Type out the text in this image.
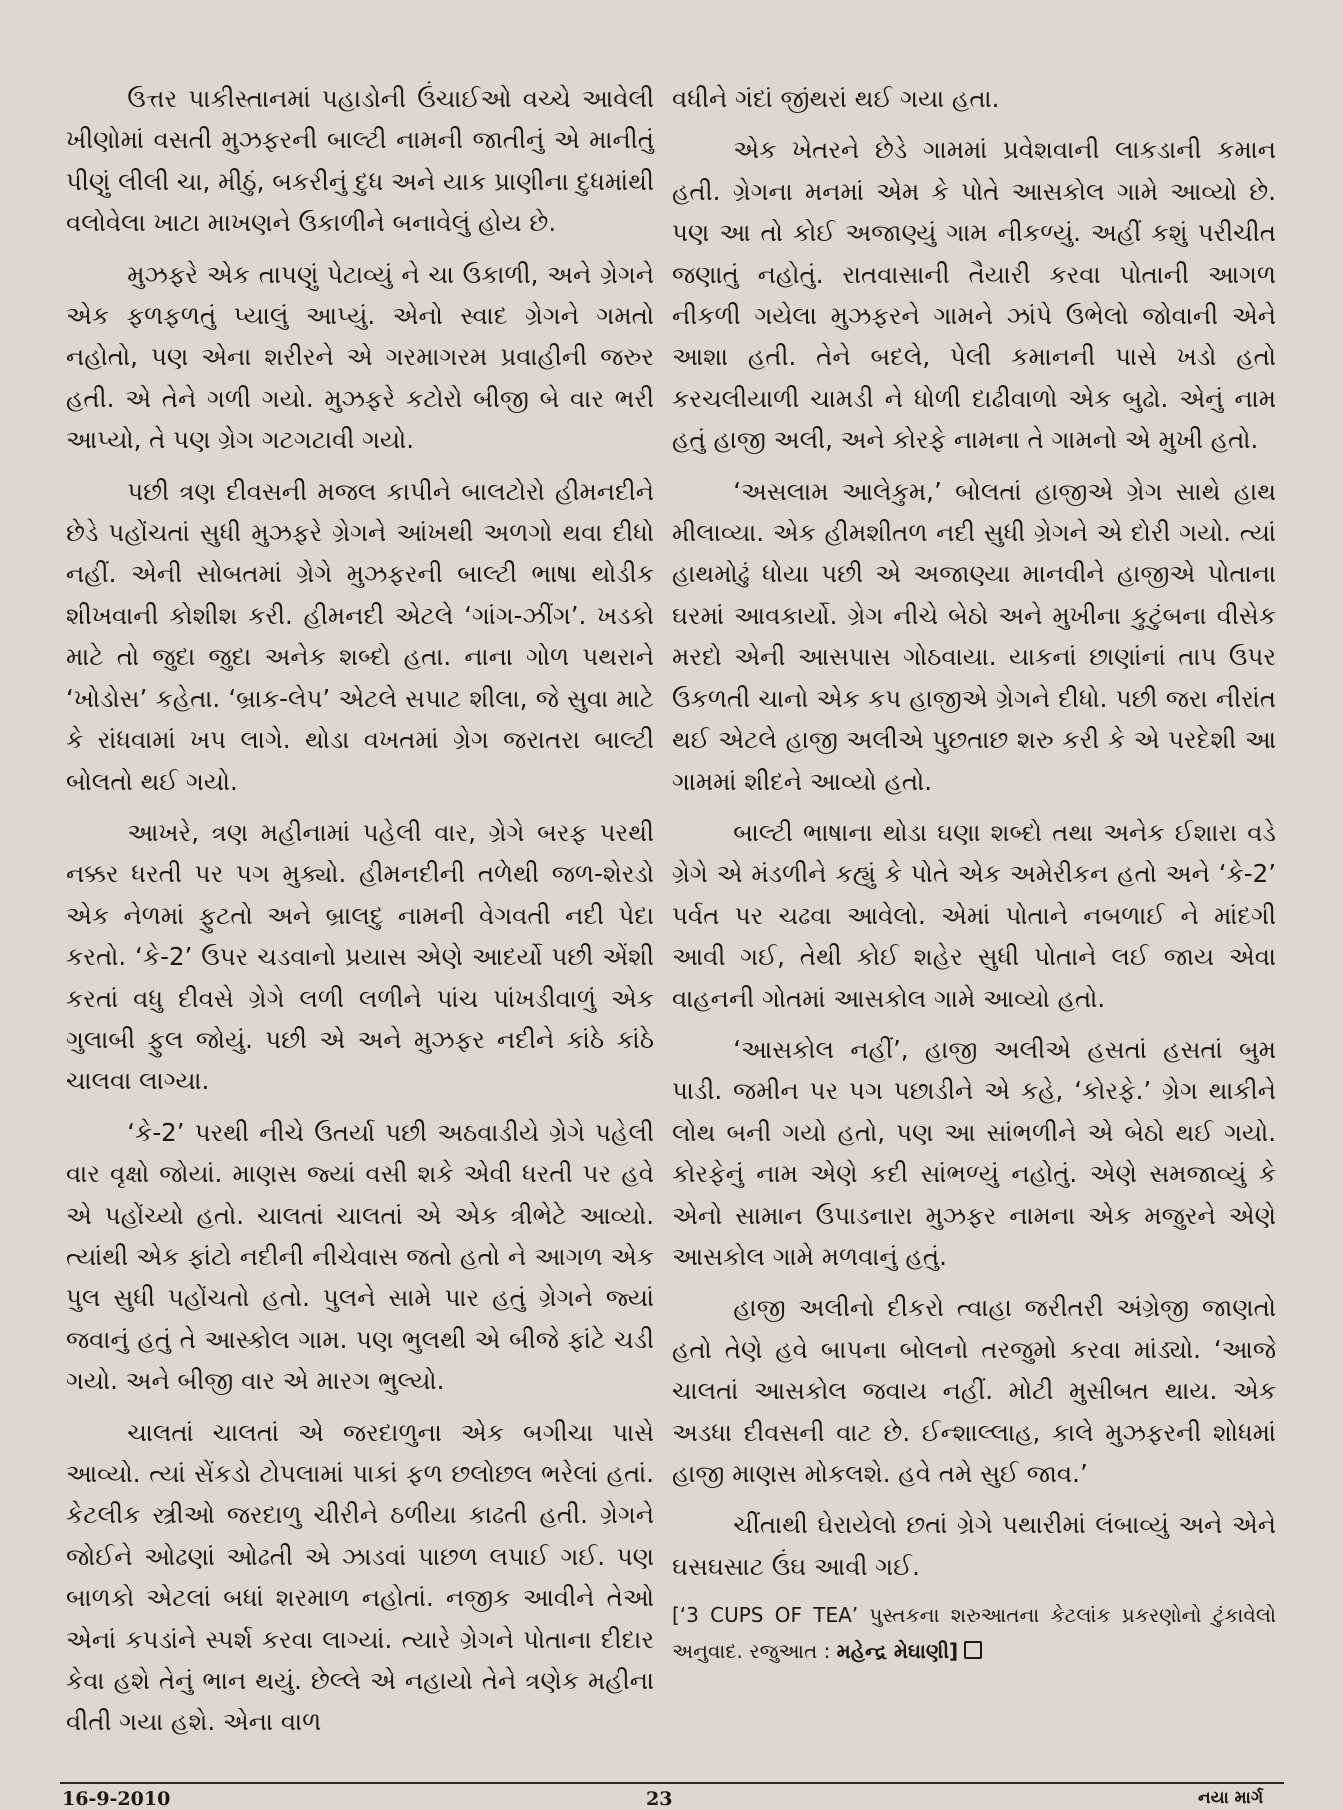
ઉત્તર પાકીસ્તાનમાં પહાડોની ઉંચાઈઓ વચ્ચે આવેલી ખીણોમાં વસતી મુઝફરની બાલ્ટી નામની જાતીનું એ માનીતું પીણું લીલી ચા, મીઠું, બકરીનું દુધ અને યાક પ્રાણીના દુધમાંથી વલોવેલા ખાટા માખણને ઉકાળીને બનાવેલું હોય છે.

મુઝફરે એક તાપણું પેટાવ્યું ને ચા ઉકાળી, અને ગ્રેગને એક ફળફળતું પ્યાલું આપ્યું. એનો સ્વાદ ગ્રેગને ગમતો નહોતો, પણ એના શરીરને એ ગરમાગરમ પ્રવાહીની જરુર હતી. એ તેને ગળી ગયો. મુઝફરે કટોરો બીજી બે વાર ભરી આપ્યો, તે પણ ગ્રેગ ગટગટાવી ગયો.

પછી ત્રણ દીવસની મજલ કાપીને બાલટોરો હીમનદીને છેડે પહોંચતાં સુધી મુઝફરે ગ્રેગને આંખથી અળગો થવા દીધો નહીં. એની સોબતમાં ગ્રેગે મુઝફરની બાલ્ટી ભાષા થોડીક શીખવાની કોશીશ કરી. હીમનદી એટલે ‘ગાંગ-ઝીંગ’. ખડકો માટે તો જુદા જુદા અનેક શબ્દો હતા. નાના ગોળ પથરાને ‘ખોડોસ’ કહેતા. ‘બ્રાક-લેપ’ એટલે સપાટ શીલા, જે સુવા માટે કે રાંધવામાં ખપ લાગે. થોડા વખતમાં ગ્રેગ જરાતરા બાલ્ટી બોલતો થઈ ગયો.

આખરે, ત્રણ મહીનામાં પહેલી વાર, ગ્રેગે બરફ પરથી નક્કર ધરતી પર પગ મુક્યો. હીમનદીની તળેથી જળ-શેરડો એક નેળમાં ફુટતો અને બ્રાલદુ નામની વેગવતી નદી પેદા કરતો. ‘કે-2’ ઉપર ચડવાનો પ્રયાસ એણે આદર્યો પછી એંશી કરતાં વધુ દીવસે ગ્રેગે લળી લળીને પાંચ પાંખડીવાળું એક ગુલાબી ફુલ જોયું. પછી એ અને મુઝફર નદીને કાંઠે કાંઠે ચાલવા લાગ્યા.

‘કે-2’ પરથી નીચે ઉતર્યા પછી અઠવાડીયે ગ્રેગે પહેલી વાર વૃક્ષો જોયાં. માણસ જ્યાં વસી શકે એવી ધરતી પર હવે એ પહોંચ્યો હતો. ચાલતાં ચાલતાં એ એક ત્રીભેટે આવ્યો. ત્યાંથી એક ફાંટો નદીની નીચેવાસ જતો હતો ને આગળ એક પુલ સુધી પહોંચતો હતો. પુલને સામે પાર હતું ગ્રેગને જ્યાં જવાનું હતું તે આસ્કોલ ગામ. પણ ભુલથી એ બીજે ફાંટે ચડી ગયો. અને બીજી વાર એ મારગ ભુલ્યો.

ચાલતાં ચાલતાં એ જરદાળુના એક બગીચા પાસે આવ્યો. ત્યાં સેંકડો ટોપલામાં પાકાં ફળ છલોછલ ભરેલાં હતાં. કેટલીક સ્ત્રીઓ જરદાળુ ચીરીને ઠળીયા કાઢતી હતી. ગ્રેગને જોઈને ઓઢણાં ઓઢતી એ ઝાડવાં પાછળ લપાઈ ગઈ. પણ બાળકો એટલાં બધાં શરમાળ નહોતાં. નજીક આવીને તેઓ એનાં કપડાંને સ્પર્શ કરવા લાગ્યાં. ત્યારે ગ્રેગને પોતાના દીદાર કેવા હશે તેનું ભાન થયું. છેલ્લે એ નહાયો તેને ત્રણેક મહીના વીતી ગયા હશે. એના વાળ

વધીને ગંદાં જીંથરાં થઈ ગયા હતા.

એક ખેતરને છેડે ગામમાં પ્રવેશવાની લાકડાની કમાન હતી. ગ્રેગના મનમાં એમ કે પોતે આસકોલ ગામે આવ્યો છે. પણ આ તો કોઈ અજાણ્યું ગામ નીકળ્યું. અહીં કશું પરીચીત જણાતું નહોતું. રાતવાસાની તૈયારી કરવા પોતાની આગળ નીકળી ગયેલા મુઝફરને ગામને ઝાંપે ઉભેલો જોવાની એને આશા હતી. તેને બદલે, પેલી કમાનની પાસે ખડો હતો કરચલીયાળી ચામડી ને ધોળી દાઢીવાળો એક બુઢો. એનું નામ હતું હાજી અલી, અને કોરફે નામના તે ગામનો એ મુખી હતો.

‘અસલામ આલેકુમ,’ બોલતાં હાજીએ ગ્રેગ સાથે હાથ મીલાવ્યા. એક હીમશીતળ નદી સુધી ગ્રેગને એ દોરી ગયો. ત્યાં હાથમોઢું ધોયા પછી એ અજાણ્યા માનવીને હાજીએ પોતાના ઘરમાં આવકાર્યો. ગ્રેગ નીચે બેઠો અને મુખીના કુટુંબના વીસેક મરદો એની આસપાસ ગોઠવાયા. યાકનાં છાણાંનાં તાપ ઉપર ઉકળતી ચાનો એક કપ હાજીએ ગ્રેગને દીધો. પછી જરા નીરાંત થઈ એટલે હાજી અલીએ પુછતાછ શરુ કરી કે એ પરદેશી આ ગામમાં શીદને આવ્યો હતો.

બાલ્ટી ભાષાના થોડા ઘણા શબ્દો તથા અનેક ઈશારા વડે ગ્રેગે એ મંડળીને કહ્યું કે પોતે એક અમેરીકન હતો અને ‘કે-2’ પર્વત પર ચઢવા આવેલો. એમાં પોતાને નબળાઈ ને માંદગી આવી ગઈ, તેથી કોઈ શહેર સુધી પોતાને લઈ જાય એવા વાહનની ગોતમાં આસકોલ ગામે આવ્યો હતો.

‘આસકોલ નહીં’, હાજી અલીએ હસતાં હસતાં બુમ પાડી. જમીન પર પગ પછાડીને એ કહે, ‘કોરફે.’ ગ્રેગ થાકીને લોથ બની ગયો હતો, પણ આ સાંભળીને એ બેઠો થઈ ગયો. કોરફેનું નામ એણે કદી સાંભળ્યું નહોતું. એણે સમજાવ્યું કે એનો સામાન ઉપાડનારા મુઝફર નામના એક મજુરને એણે આસકોલ ગામે મળવાનું હતું.

હાજી અલીનો દીકરો ત્વાહા જરીતરી અંગ્રેજી જાણતો હતો તેણે હવે બાપના બોલનો તરજુમો કરવા માંડ્યો. ‘આજે ચાલતાં આસકોલ જવાય નહીં. મોટી મુસીબત થાય. એક અડધા દીવસની વાટ છે. ઈન્શાલ્લાહ, કાલે મુઝફરની શોધમાં હાજી માણસ મોકલશે. હવે તમે સુઈ જાવ.’

ચીંતાથી ઘેરાયેલો છતાં ગ્રેગે પથારીમાં લંબાવ્યું અને એને ઘસઘસાટ ઉંઘ આવી ગઈ.

[‘3 CUPS OF TEA’ પુસ્તકના શરુઆતના કેટલાંક પ્રકરણોનો ટુંકાવેલો અનુવાદ. રજુઆત : મહેન્દ્ર મેઘાણી]

16-9-2010	23	નયા માર્ગ
